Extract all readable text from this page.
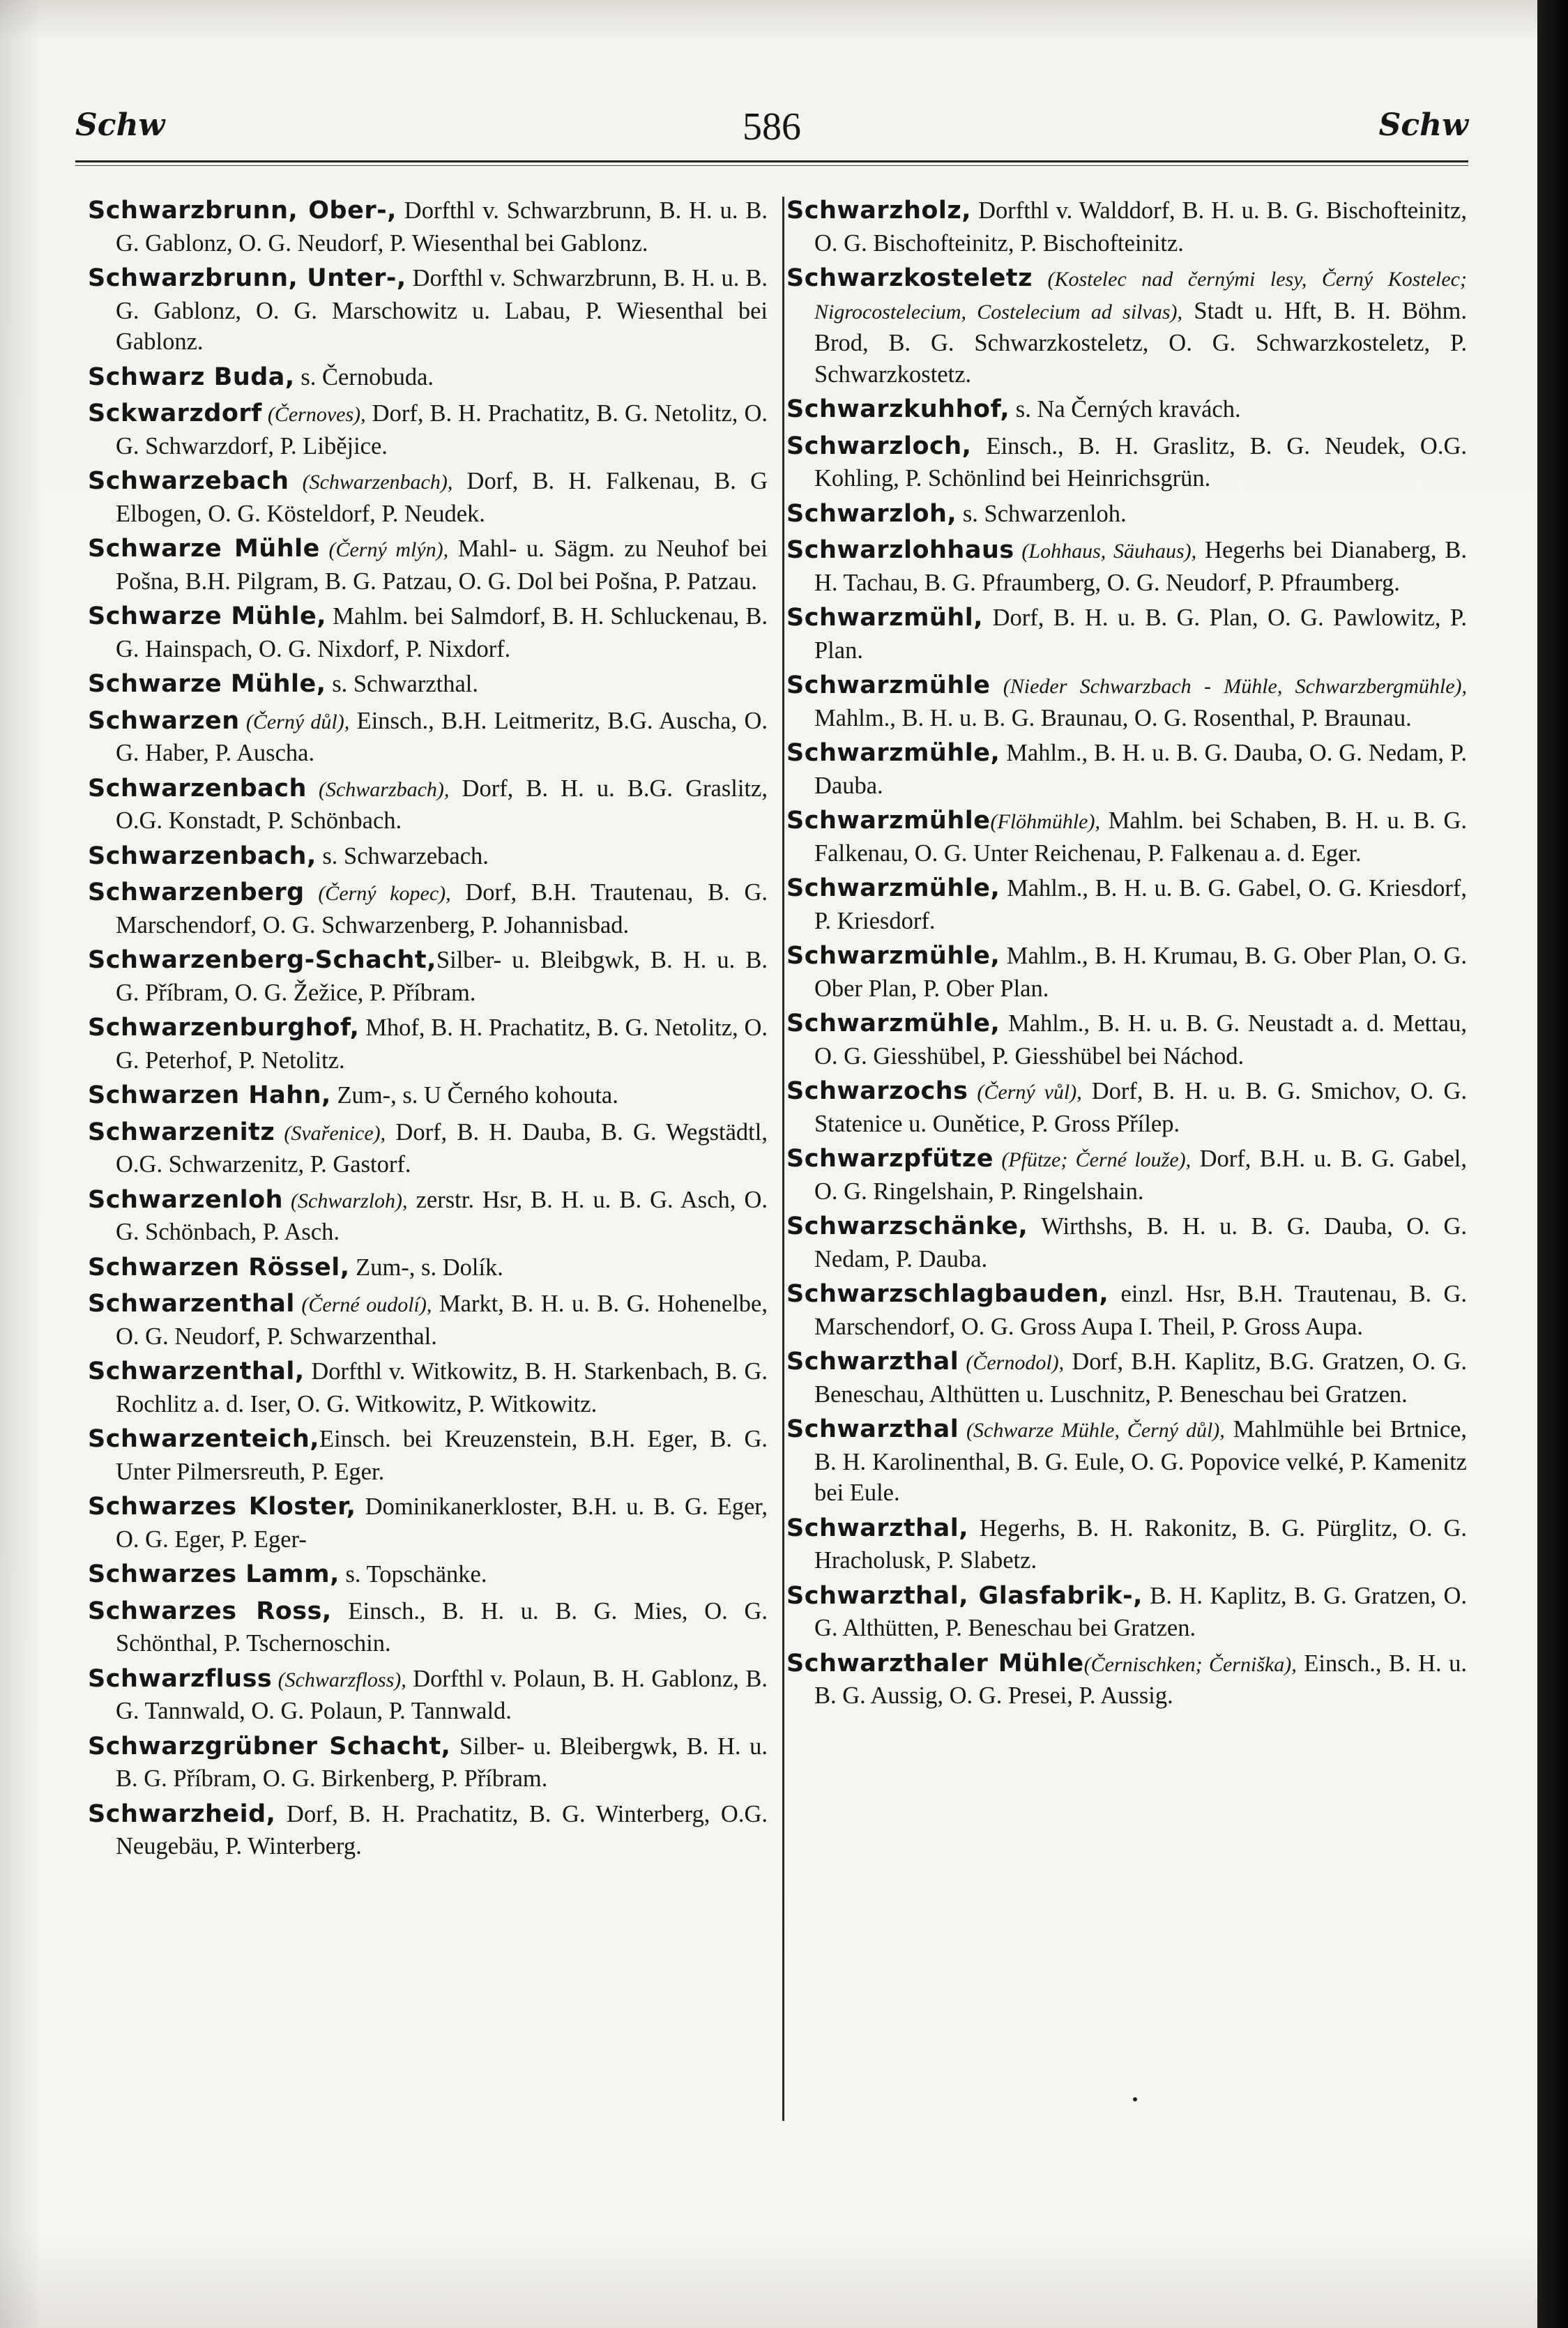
Schw	586	Schw
Schwarzbrunn, Ober-, Dorfthl v. Schwarzbrunn, B. H. u. B. G. Gablonz, O. G. Neudorf, P. Wiesenthal bei Gablonz.
Schwarzbrunn, Unter-, Dorfthl v. Schwarzbrunn, B. H. u. B. G. Gablonz, O. G. Marschowitz u. Labau, P. Wiesenthal bei Gablonz.
Schwarz Buda, s. Černobuda.
Sckwarzdorf (Černoves), Dorf, B. H. Prachatitz, B. G. Netolitz, O. G. Schwarzdorf, P. Libějice.
Schwarzebach (Schwarzenbach), Dorf, B. H. Falkenau, B. G Elbogen, O. G. Kösteldorf, P. Neudek.
Schwarze Mühle (Černý mlýn), Mahl- u. Sägm. zu Neuhof bei Pošna, B.H. Pilgram, B. G. Patzau, O. G. Dol bei Pošna, P. Patzau.
Schwarze Mühle, Mahlm. bei Salmdorf, B. H. Schluckenau, B. G. Hainspach, O. G. Nixdorf, P. Nixdorf.
Schwarze Mühle, s. Schwarzthal.
Schwarzen (Černý důl), Einsch., B.H. Leitmeritz, B.G. Auscha, O. G. Haber, P. Auscha.
Schwarzenbach (Schwarzbach), Dorf, B. H. u. B.G. Graslitz, O.G. Konstadt, P. Schönbach.
Schwarzenbach, s. Schwarzebach.
Schwarzenberg (Černý kopec), Dorf, B.H. Trautenau, B. G. Marschendorf, O. G. Schwarzenberg, P. Johannisbad.
Schwarzenberg-Schacht,Silber- u. Bleibgwk, B. H. u. B. G. Příbram, O. G. Žežice, P. Příbram.
Schwarzenburghof, Mhof, B. H. Prachatitz, B. G. Netolitz, O. G. Peterhof, P. Netolitz.
Schwarzen Hahn, Zum-, s. U Černého kohouta.
Schwarzenitz (Svařenice), Dorf, B. H. Dauba, B. G. Wegstädtl, O.G. Schwarzenitz, P. Gastorf.
Schwarzenloh (Schwarzloh), zerstr. Hsr, B. H. u. B. G. Asch, O. G. Schönbach, P. Asch.
Schwarzen Rössel, Zum-, s. Dolík.
Schwarzenthal (Černé oudolí), Markt, B. H. u. B. G. Hohenelbe, O. G. Neudorf, P. Schwarzenthal.
Schwarzenthal, Dorfthl v. Witkowitz, B. H. Starkenbach, B. G. Rochlitz a. d. Iser, O. G. Witkowitz, P. Witkowitz.
Schwarzenteich,Einsch. bei Kreuzenstein, B.H. Eger, B. G. Unter Pilmersreuth, P. Eger.
Schwarzes Kloster, Dominikanerkloster, B.H. u. B. G. Eger, O. G. Eger, P. Eger-
Schwarzes Lamm, s. Topschänke.
Schwarzes Ross, Einsch., B. H. u. B. G. Mies, O. G. Schönthal, P. Tschernoschin.
Schwarzfluss (Schwarzfloss), Dorfthl v. Polaun, B. H. Gablonz, B. G. Tannwald, O. G. Polaun, P. Tannwald.
Schwarzgrübner Schacht, Silber- u. Bleibergwk, B. H. u. B. G. Příbram, O. G. Birkenberg, P. Příbram.
Schwarzheid, Dorf, B. H. Prachatitz, B. G. Winterberg, O.G. Neugebäu, P. Winterberg.
Schwarzholz, Dorfthl v. Walddorf, B. H. u. B. G. Bischofteinitz, O. G. Bischofteinitz, P. Bischofteinitz.
Schwarzkosteletz (Kostelec nad černými lesy, Černý Kostelec; Nigrocostelecium, Costelecium ad silvas), Stadt u. Hft, B. H. Böhm. Brod, B. G. Schwarzkosteletz, O. G. Schwarzkosteletz, P. Schwarzkostetz.
Schwarzkuhhof, s. Na Černých kravách.
Schwarzloch, Einsch., B. H. Graslitz, B. G. Neudek, O.G. Kohling, P. Schönlind bei Heinrichsgrün.
Schwarzloh, s. Schwarzenloh.
Schwarzlohhaus (Lohhaus, Säuhaus), Hegerhs bei Dianaberg, B. H. Tachau, B. G. Pfraumberg, O. G. Neudorf, P. Pfraumberg.
Schwarzmühl, Dorf, B. H. u. B. G. Plan, O. G. Pawlowitz, P. Plan.
Schwarzmühle (Nieder Schwarzbach - Mühle, Schwarzbergmühle), Mahlm., B. H. u. B. G. Braunau, O. G. Rosenthal, P. Braunau.
Schwarzmühle, Mahlm., B. H. u. B. G. Dauba, O. G. Nedam, P. Dauba.
Schwarzmühle(Flöhmühle), Mahlm. bei Schaben, B. H. u. B. G. Falkenau, O. G. Unter Reichenau, P. Falkenau a. d. Eger.
Schwarzmühle, Mahlm., B. H. u. B. G. Gabel, O. G. Kriesdorf, P. Kriesdorf.
Schwarzmühle, Mahlm., B. H. Krumau, B. G. Ober Plan, O. G. Ober Plan, P. Ober Plan.
Schwarzmühle, Mahlm., B. H. u. B. G. Neustadt a. d. Mettau, O. G. Giesshübel, P. Giesshübel bei Náchod.
Schwarzochs (Černý vůl), Dorf, B. H. u. B. G. Smichov, O. G. Statenice u. Ounětice, P. Gross Přílep.
Schwarzpfütze (Pfütze; Černé louže), Dorf, B.H. u. B. G. Gabel, O. G. Ringelshain, P. Ringelshain.
Schwarzschänke, Wirthshs, B. H. u. B. G. Dauba, O. G. Nedam, P. Dauba.
Schwarzschlagbauden, einzl. Hsr, B.H. Trautenau, B. G. Marschendorf, O. G. Gross Aupa I. Theil, P. Gross Aupa.
Schwarzthal (Černodol), Dorf, B.H. Kaplitz, B.G. Gratzen, O. G. Beneschau, Althütten u. Luschnitz, P. Beneschau bei Gratzen.
Schwarzthal (Schwarze Mühle, Černý důl), Mahlmühle bei Brtnice, B. H. Karolinenthal, B. G. Eule, O. G. Popovice velké, P. Kamenitz bei Eule.
Schwarzthal, Hegerhs, B. H. Rakonitz, B. G. Pürglitz, O. G. Hracholusk, P. Slabetz.
Schwarzthal, Glasfabrik-, B. H. Kaplitz, B. G. Gratzen, O. G. Althütten, P. Beneschau bei Gratzen.
Schwarzthaler Mühle(Černischken; Černiška), Einsch., B. H. u. B. G. Aussig, O. G. Presei, P. Aussig.
